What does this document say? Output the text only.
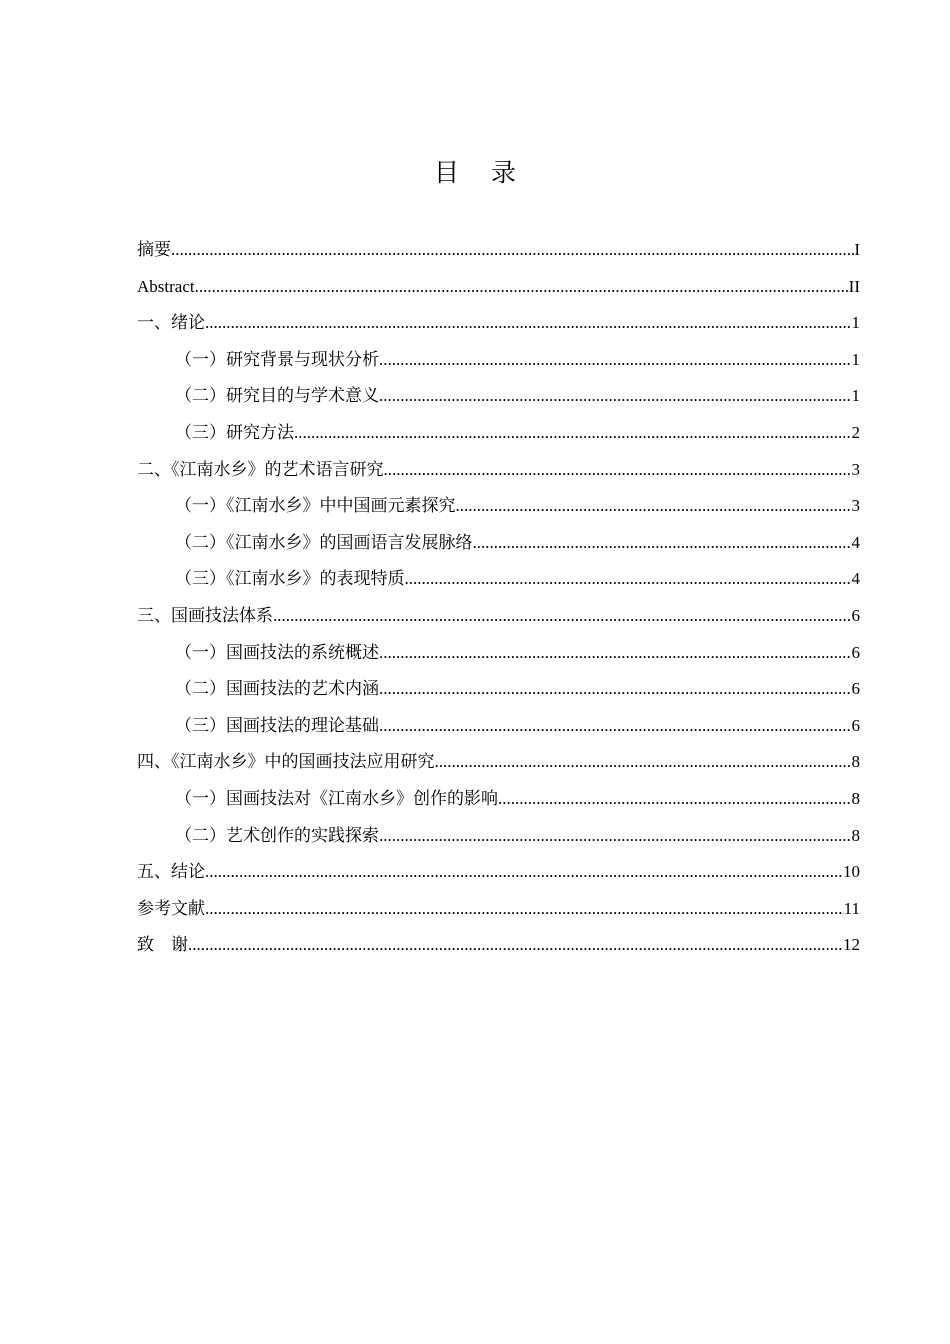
目 录
摘要 .....	I
Abstract .....	II
一、绪论 .....	1
（一）研究背景与现状分析 .....	1
（二）研究目的与学术意义 .....	1
（三）研究方法 .....	2
二、《江南水乡》的艺术语言研究 .....	3
（一）《江南水乡》中中国画元素探究 .....	3
（二）《江南水乡》的国画语言发展脉络 .....	4
（三）《江南水乡》的表现特质 .....	4
三、国画技法体系 .....	6
（一）国画技法的系统概述 .....	6
（二）国画技法的艺术内涵 .....	6
（三）国画技法的理论基础 .....	6
四、《江南水乡》中的国画技法应用研究 .....	8
（一）国画技法对《江南水乡》创作的影响 .....	8
（二）艺术创作的实践探索 .....	8
五、结论 .....	10
参考文献 .....	11
致　谢 .....	12
